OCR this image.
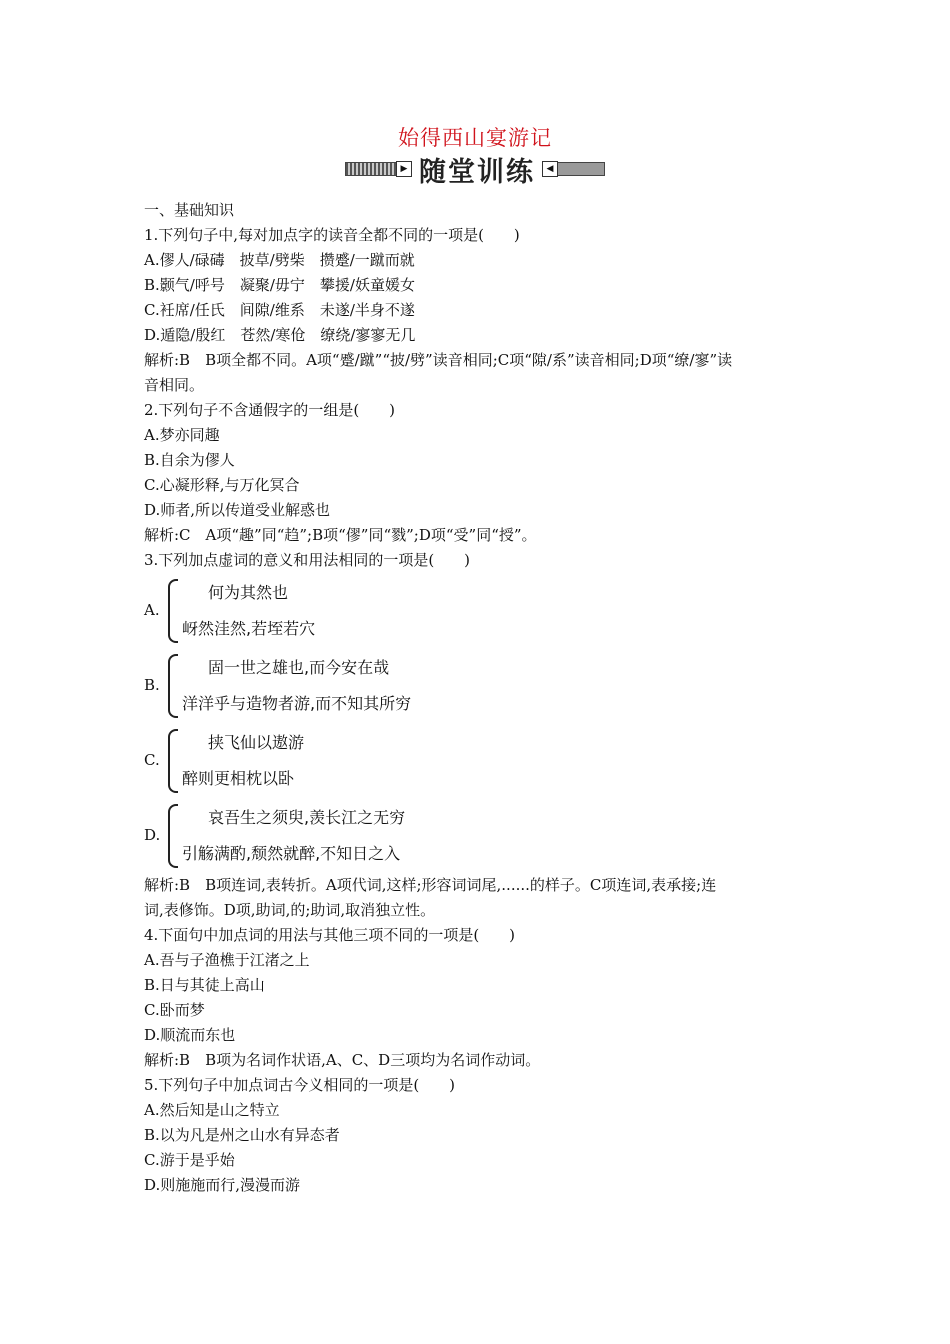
始得西山宴游记
▶ 随堂训练	◀
一、基础知识
1.下列句子中,每对加点字的读音全都不同的一项是(　　)
A.僇人/碌碡　披草/劈柴　攒蹙/一蹴而就
B.颢气/呼号　凝聚/毋宁　攀援/妖童媛女
C.衽席/任氏　间隙/维系　未遂/半身不遂
D.遁隐/殷红　苍然/寒伧　缭绕/寥寥无几
解析:B　B项全都不同。A项“蹙/蹴”“披/劈”读音相同;C项“隙/系”读音相同;D项“缭/寥”读
音相同。
2.下列句子不含通假字的一组是(　　)
A.梦亦同趣
B.自余为僇人
C.心凝形释,与万化冥合
D.师者,所以传道受业解惑也
解析:C　A项“趣”同“趋”;B项“僇”同“戮”;D项“受”同“授”。
3.下列加点虚词的意义和用法相同的一项是(　　)
A.
何为其然也
岈然洼然,若垤若穴
B.
固一世之雄也,而今安在哉
洋洋乎与造物者游,而不知其所穷
C.
挟飞仙以遨游
醉则更相枕以卧
D.
哀吾生之须臾,羡长江之无穷
引觞满酌,颓然就醉,不知日之入
解析:B　B项连词,表转折。A项代词,这样;形容词词尾,......的样子。C项连词,表承接;连
词,表修饰。D项,助词,的;助词,取消独立性。
4.下面句中加点词的用法与其他三项不同的一项是(　　)
A.吾与子渔樵于江渚之上
B.日与其徒上高山
C.卧而梦
D.顺流而东也
解析:B　B项为名词作状语,A、C、D三项均为名词作动词。
5.下列句子中加点词古今义相同的一项是(　　)
A.然后知是山之特立
B.以为凡是州之山水有异态者
C.游于是乎始
D.则施施而行,漫漫而游
